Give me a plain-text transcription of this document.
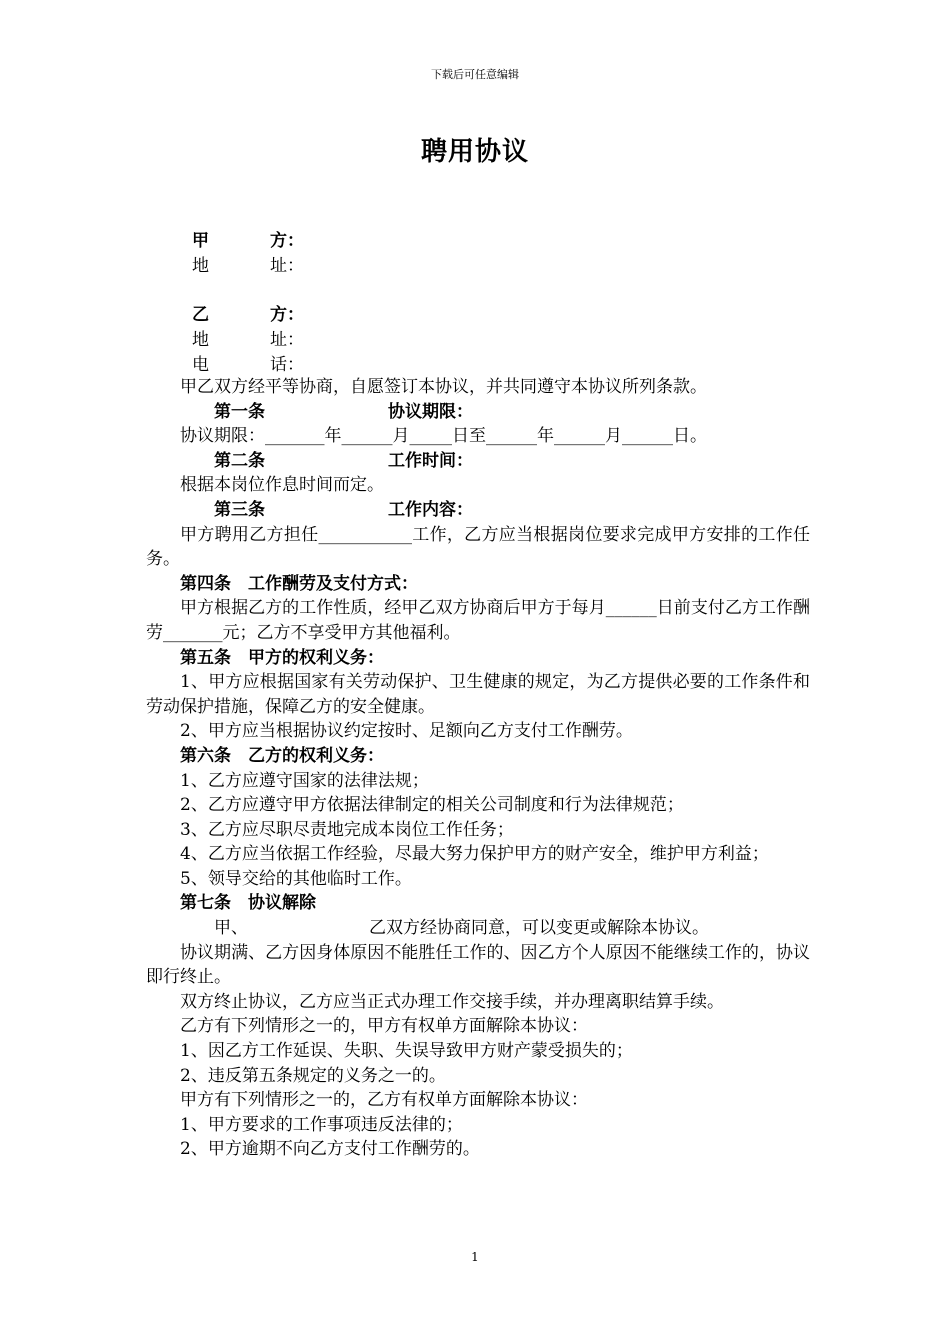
下载后可任意编辑
聘用协议
甲	方：
地	址：
乙	方：
地	址：
电	话：

甲乙双方经平等协商，自愿签订本协议，并共同遵守本协议所列条款。

第一条	协议期限：

协议期限：_______年______月_____日至______年______月______日。

第二条	工作时间：

根据本岗位作息时间而定。

第三条	工作内容：

甲方聘用乙方担任___________工作，乙方应当根据岗位要求完成甲方安排的工作任务。

第四条　工作酬劳及支付方式：

甲方根据乙方的工作性质，经甲乙双方协商后甲方于每月______日前支付乙方工作酬劳_______元；乙方不享受甲方其他福利。

第五条　甲方的权利义务：

1、甲方应根据国家有关劳动保护、卫生健康的规定，为乙方提供必要的工作条件和劳动保护措施，保障乙方的安全健康。

2、甲方应当根据协议约定按时、足额向乙方支付工作酬劳。

第六条　乙方的权利义务：

1、乙方应遵守国家的法律法规；

2、乙方应遵守甲方依据法律制定的相关公司制度和行为法律规范；

3、乙方应尽职尽责地完成本岗位工作任务；

4、乙方应当依据工作经验，尽最大努力保护甲方的财产安全，维护甲方利益；

5、领导交给的其他临时工作。

第七条　协议解除

甲、	乙双方经协商同意，可以变更或解除本协议。

协议期满、乙方因身体原因不能胜任工作的、因乙方个人原因不能继续工作的，协议即行终止。

双方终止协议，乙方应当正式办理工作交接手续，并办理离职结算手续。

乙方有下列情形之一的，甲方有权单方面解除本协议：

1、因乙方工作延误、失职、失误导致甲方财产蒙受损失的；

2、违反第五条规定的义务之一的。

甲方有下列情形之一的，乙方有权单方面解除本协议：

1、甲方要求的工作事项违反法律的；

2、甲方逾期不向乙方支付工作酬劳的。

1
